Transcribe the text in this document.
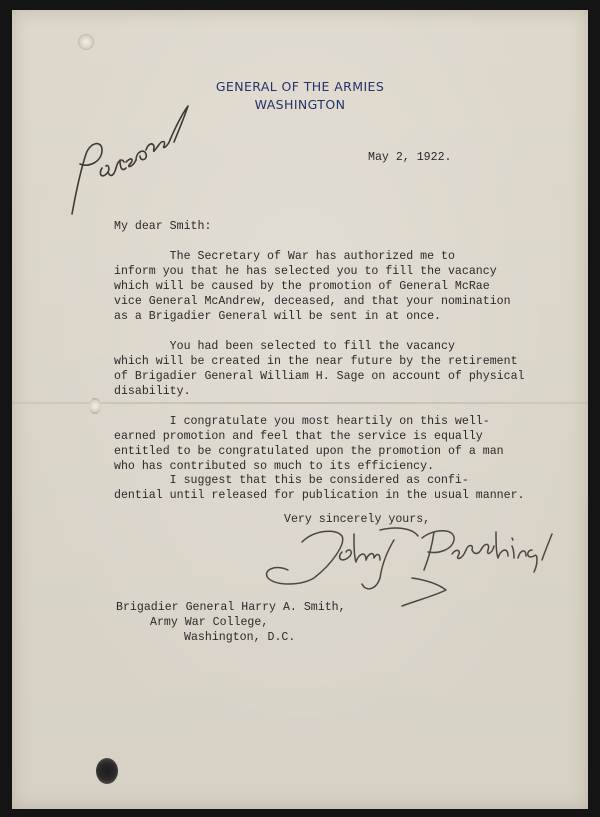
GENERAL OF THE ARMIES
WASHINGTON
May 2, 1922.
My dear Smith:
The Secretary of War has authorized me to
inform you that he has selected you to fill the vacancy
which will be caused by the promotion of General McRae
vice General McAndrew, deceased, and that your nomination
as a Brigadier General will be sent in at once.
You had been selected to fill the vacancy
which will be created in the near future by the retirement
of Brigadier General William H. Sage on account of physical
disability.
I congratulate you most heartily on this well-
earned promotion and feel that the service is equally
entitled to be congratulated upon the promotion of a man
who has contributed so much to its efficiency.
I suggest that this be considered as confi-
dential until released for publication in the usual manner.
Very sincerely yours,
Brigadier General Harry A. Smith,
Army War College,
Washington, D.C.
